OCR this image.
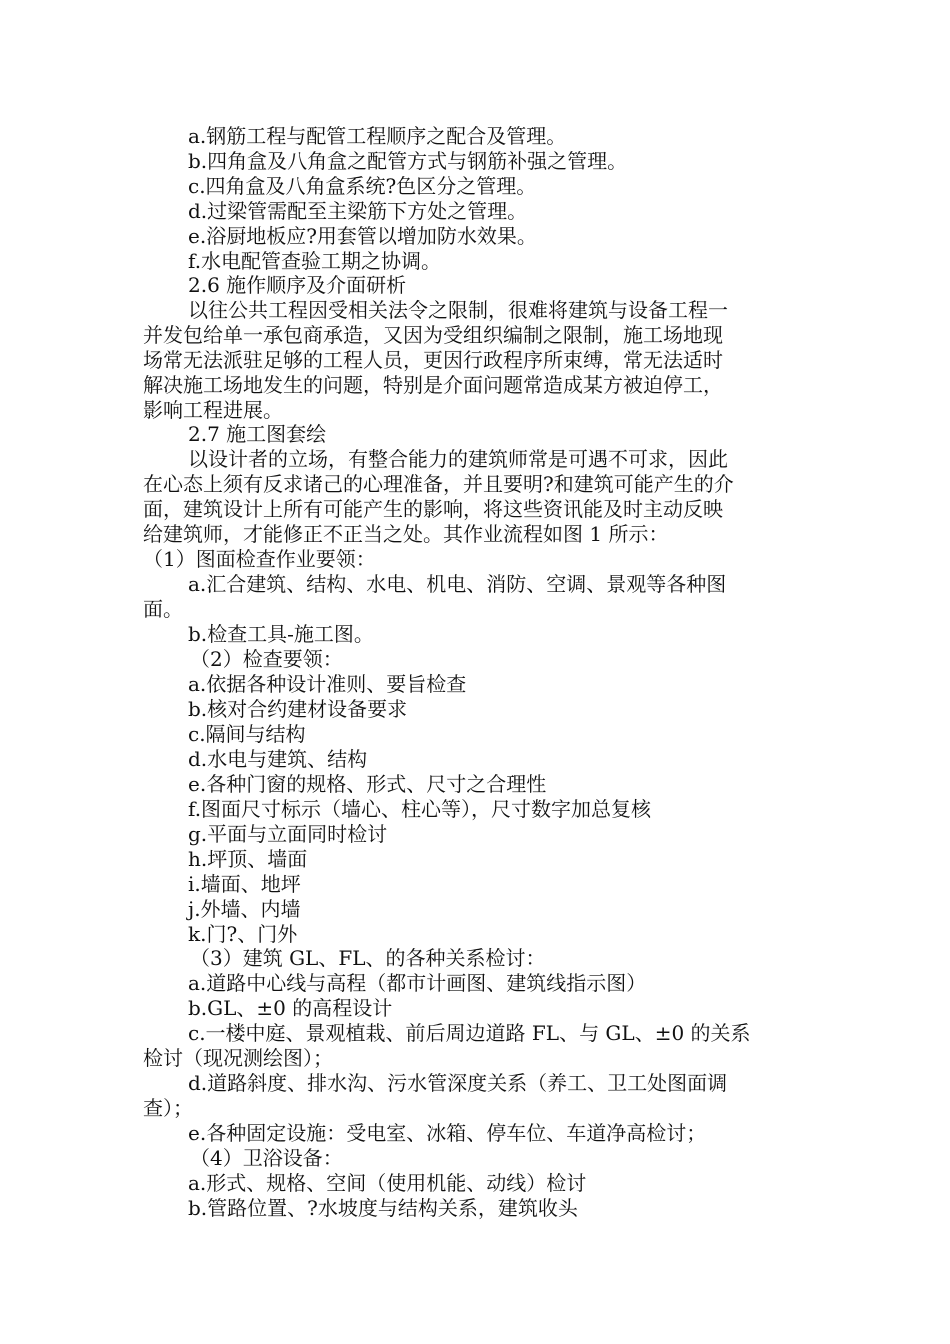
a.钢筋工程与配管工程顺序之配合及管理。
b.四角盒及八角盒之配管方式与钢筋补强之管理。
c.四角盒及八角盒系统?色区分之管理。
d.过梁管需配至主梁筋下方处之管理。
e.浴厨地板应?用套管以增加防水效果。
f.水电配管查验工期之协调。
2.6 施作顺序及介面研析
以往公共工程因受相关法令之限制，很难将建筑与设备工程一
并发包给单一承包商承造，又因为受组织编制之限制，施工场地现
场常无法派驻足够的工程人员，更因行政程序所束缚，常无法适时
解决施工场地发生的问题，特别是介面问题常造成某方被迫停工，
影响工程进展。
2.7 施工图套绘
以设计者的立场，有整合能力的建筑师常是可遇不可求，因此
在心态上须有反求诸己的心理准备，并且要明?和建筑可能产生的介
面，建筑设计上所有可能产生的影响，将这些资讯能及时主动反映
给建筑师，才能修正不正当之处。其作业流程如图 1 所示：
（1）图面检查作业要领：
a.汇合建筑、结构、水电、机电、消防、空调、景观等各种图
面。
b.检查工具-施工图。
（2）检查要领：
a.依据各种设计准则、要旨检查
b.核对合约建材设备要求
c.隔间与结构
d.水电与建筑、结构
e.各种门窗的规格、形式、尺寸之合理性
f.图面尺寸标示（墙心、柱心等），尺寸数字加总复核
g.平面与立面同时检讨
h.坪顶、墙面
i.墙面、地坪
j.外墙、内墙
k.门?、门外
（3）建筑 GL、FL、的各种关系检讨：
a.道路中心线与高程（都市计画图、建筑线指示图）
b.GL、±0 的高程设计
c.一楼中庭、景观植栽、前后周边道路 FL、与 GL、±0 的关系
检讨（现况测绘图）；
d.道路斜度、排水沟、污水管深度关系（养工、卫工处图面调
查）；
e.各种固定设施：受电室、冰箱、停车位、车道净高检讨；
（4）卫浴设备：
a.形式、规格、空间（使用机能、动线）检讨
b.管路位置、?水坡度与结构关系，建筑收头
